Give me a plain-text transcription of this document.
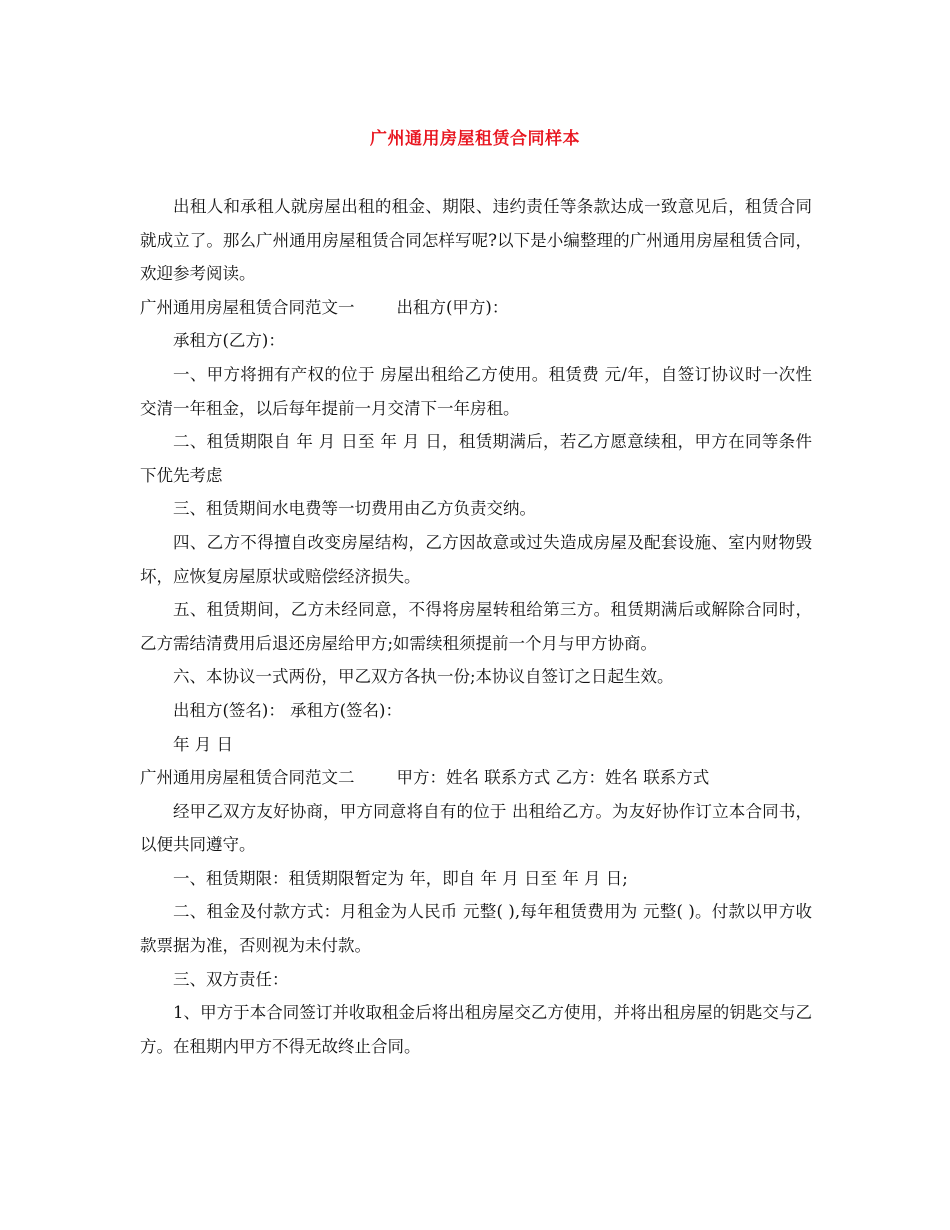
广州通用房屋租赁合同样本

出租人和承租人就房屋出租的租金、期限、违约责任等条款达成一致意见后，租赁合同就成立了。那么广州通用房屋租赁合同怎样写呢?以下是小编整理的广州通用房屋租赁合同，欢迎参考阅读。

广州通用房屋租赁合同范文一	出租方(甲方)：

承租方(乙方)：

一、甲方将拥有产权的位于 房屋出租给乙方使用。租赁费 元/年，自签订协议时一次性交清一年租金，以后每年提前一月交清下一年房租。

二、租赁期限自 年 月 日至 年 月 日，租赁期满后，若乙方愿意续租，甲方在同等条件下优先考虑

三、租赁期间水电费等一切费用由乙方负责交纳。

四、乙方不得擅自改变房屋结构，乙方因故意或过失造成房屋及配套设施、室内财物毁坏，应恢复房屋原状或赔偿经济损失。

五、租赁期间，乙方未经同意，不得将房屋转租给第三方。租赁期满后或解除合同时，乙方需结清费用后退还房屋给甲方;如需续租须提前一个月与甲方协商。

六、本协议一式两份，甲乙双方各执一份;本协议自签订之日起生效。

出租方(签名)： 承租方(签名)：

年 月 日

广州通用房屋租赁合同范文二	甲方：姓名 联系方式 乙方：姓名 联系方式

经甲乙双方友好协商，甲方同意将自有的位于 出租给乙方。为友好协作订立本合同书，以便共同遵守。

一、租赁期限：租赁期限暂定为 年，即自 年 月 日至 年 月 日;

二、租金及付款方式：月租金为人民币 元整( ),每年租赁费用为 元整( )。付款以甲方收款票据为准，否则视为未付款。

三、双方责任：

1、甲方于本合同签订并收取租金后将出租房屋交乙方使用，并将出租房屋的钥匙交与乙方。在租期内甲方不得无故终止合同。
